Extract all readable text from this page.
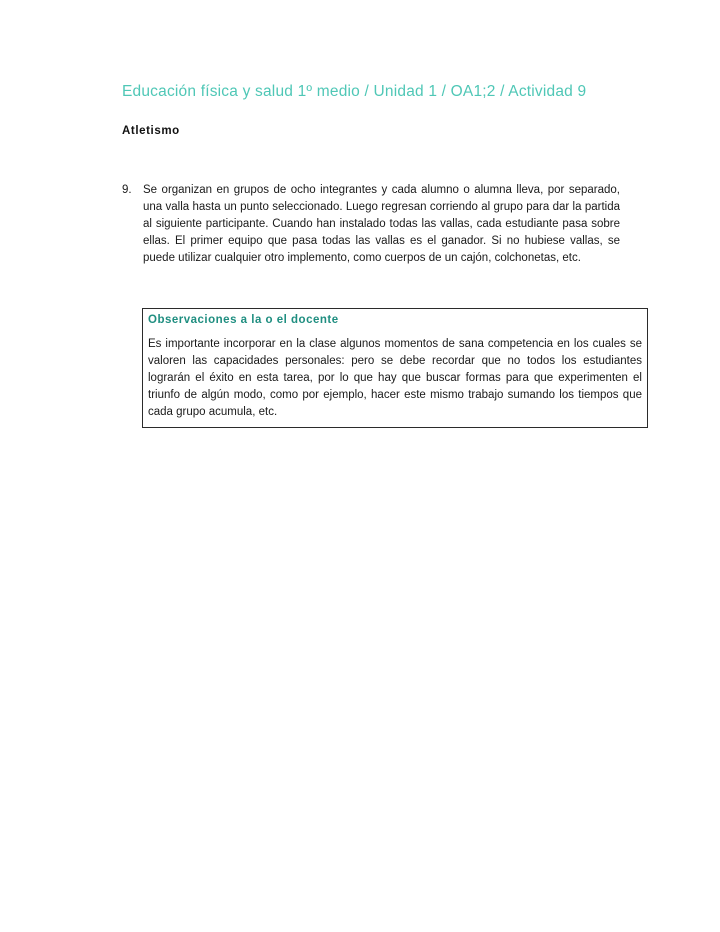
Educación física y salud 1º medio / Unidad 1 / OA1;2 / Actividad 9
Atletismo
9. Se organizan en grupos de ocho integrantes y cada alumno o alumna lleva, por separado, una valla hasta un punto seleccionado. Luego regresan corriendo al grupo para dar la partida al siguiente participante. Cuando han instalado todas las vallas, cada estudiante pasa sobre ellas. El primer equipo que pasa todas las vallas es el ganador. Si no hubiese vallas, se puede utilizar cualquier otro implemento, como cuerpos de un cajón, colchonetas, etc.
Observaciones a la o el docente
Es importante incorporar en la clase algunos momentos de sana competencia en los cuales se valoren las capacidades personales: pero se debe recordar que no todos los estudiantes lograrán el éxito en esta tarea, por lo que hay que buscar formas para que experimenten el triunfo de algún modo, como por ejemplo, hacer este mismo trabajo sumando los tiempos que cada grupo acumula, etc.
